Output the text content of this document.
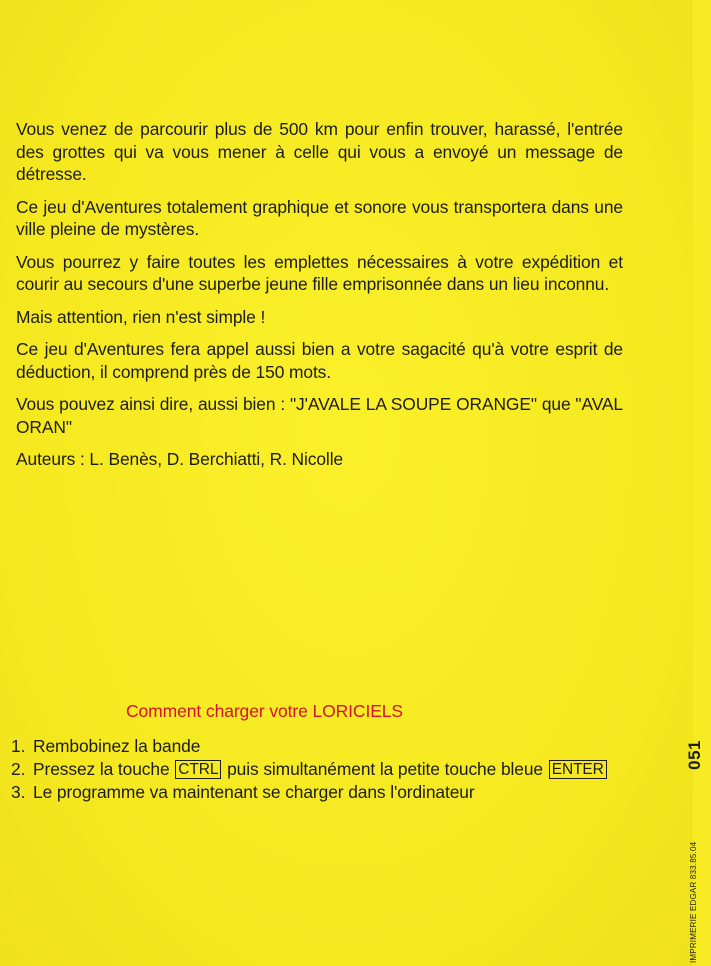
Vous venez de parcourir plus de 500 km pour enfin trouver, harassé, l'entrée des grottes qui va vous mener à celle qui vous a envoyé un message de détresse.

Ce jeu d'Aventures totalement graphique et sonore vous transportera dans une ville pleine de mystères.

Vous pourrez y faire toutes les emplettes nécessaires à votre expédition et courir au secours d'une superbe jeune fille emprisonnée dans un lieu inconnu.

Mais attention, rien n'est simple !

Ce jeu d'Aventures fera appel aussi bien a votre sagacité qu'à votre esprit de déduction, il comprend près de 150 mots.

Vous pouvez ainsi dire, aussi bien : "J'AVALE LA SOUPE ORANGE" que "AVAL ORAN"

Auteurs : L. Benès, D. Berchiatti, R. Nicolle

Comment charger votre LORICIELS
1. Rembobinez la bande
2. Pressez la touche CTRL puis simultanément la petite touche bleue ENTER
3. Le programme va maintenant se charger dans l'ordinateur
IMPRIMERIE EDGAR 833.85.04
051
